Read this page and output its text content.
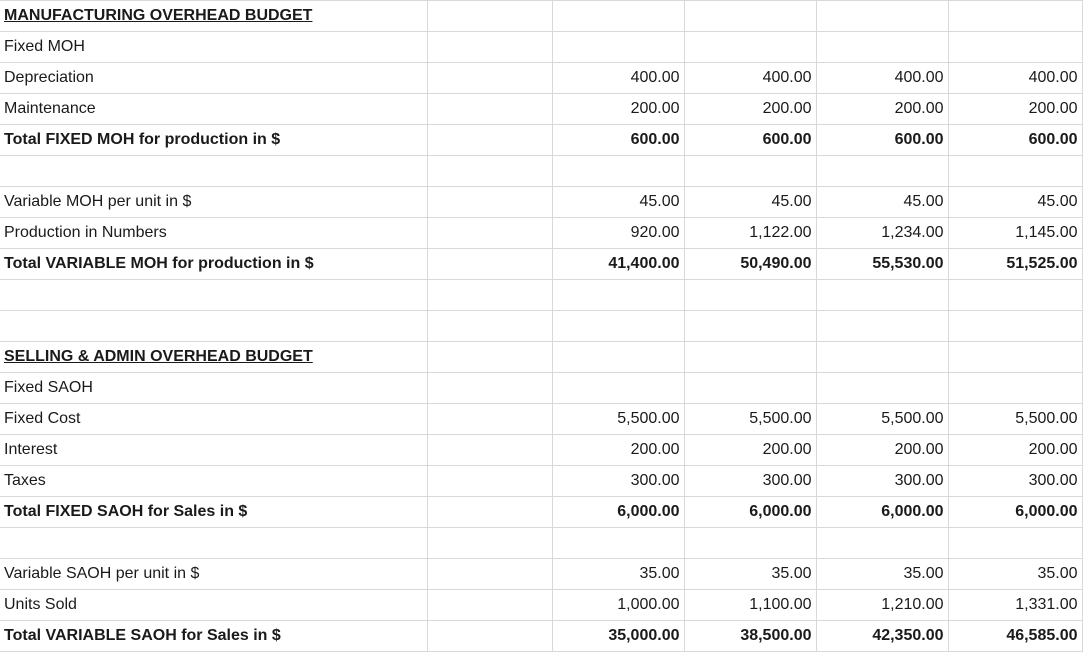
MANUFACTURING OVERHEAD BUDGET					
Fixed MOH					
Depreciation		400.00	400.00	400.00	400.00
Maintenance		200.00	200.00	200.00	200.00
Total FIXED MOH for production in $		600.00	600.00	600.00	600.00

Variable MOH per unit in $		45.00	45.00	45.00	45.00
Production in Numbers		920.00	1,122.00	1,234.00	1,145.00
Total VARIABLE MOH for production in $		41,400.00	50,490.00	55,530.00	51,525.00

SELLING & ADMIN OVERHEAD BUDGET					
Fixed SAOH					
Fixed Cost		5,500.00	5,500.00	5,500.00	5,500.00
Interest		200.00	200.00	200.00	200.00
Taxes		300.00	300.00	300.00	300.00
Total FIXED SAOH for Sales in $		6,000.00	6,000.00	6,000.00	6,000.00

Variable SAOH per unit in $		35.00	35.00	35.00	35.00
Units Sold		1,000.00	1,100.00	1,210.00	1,331.00
Total VARIABLE SAOH for Sales in $		35,000.00	38,500.00	42,350.00	46,585.00
